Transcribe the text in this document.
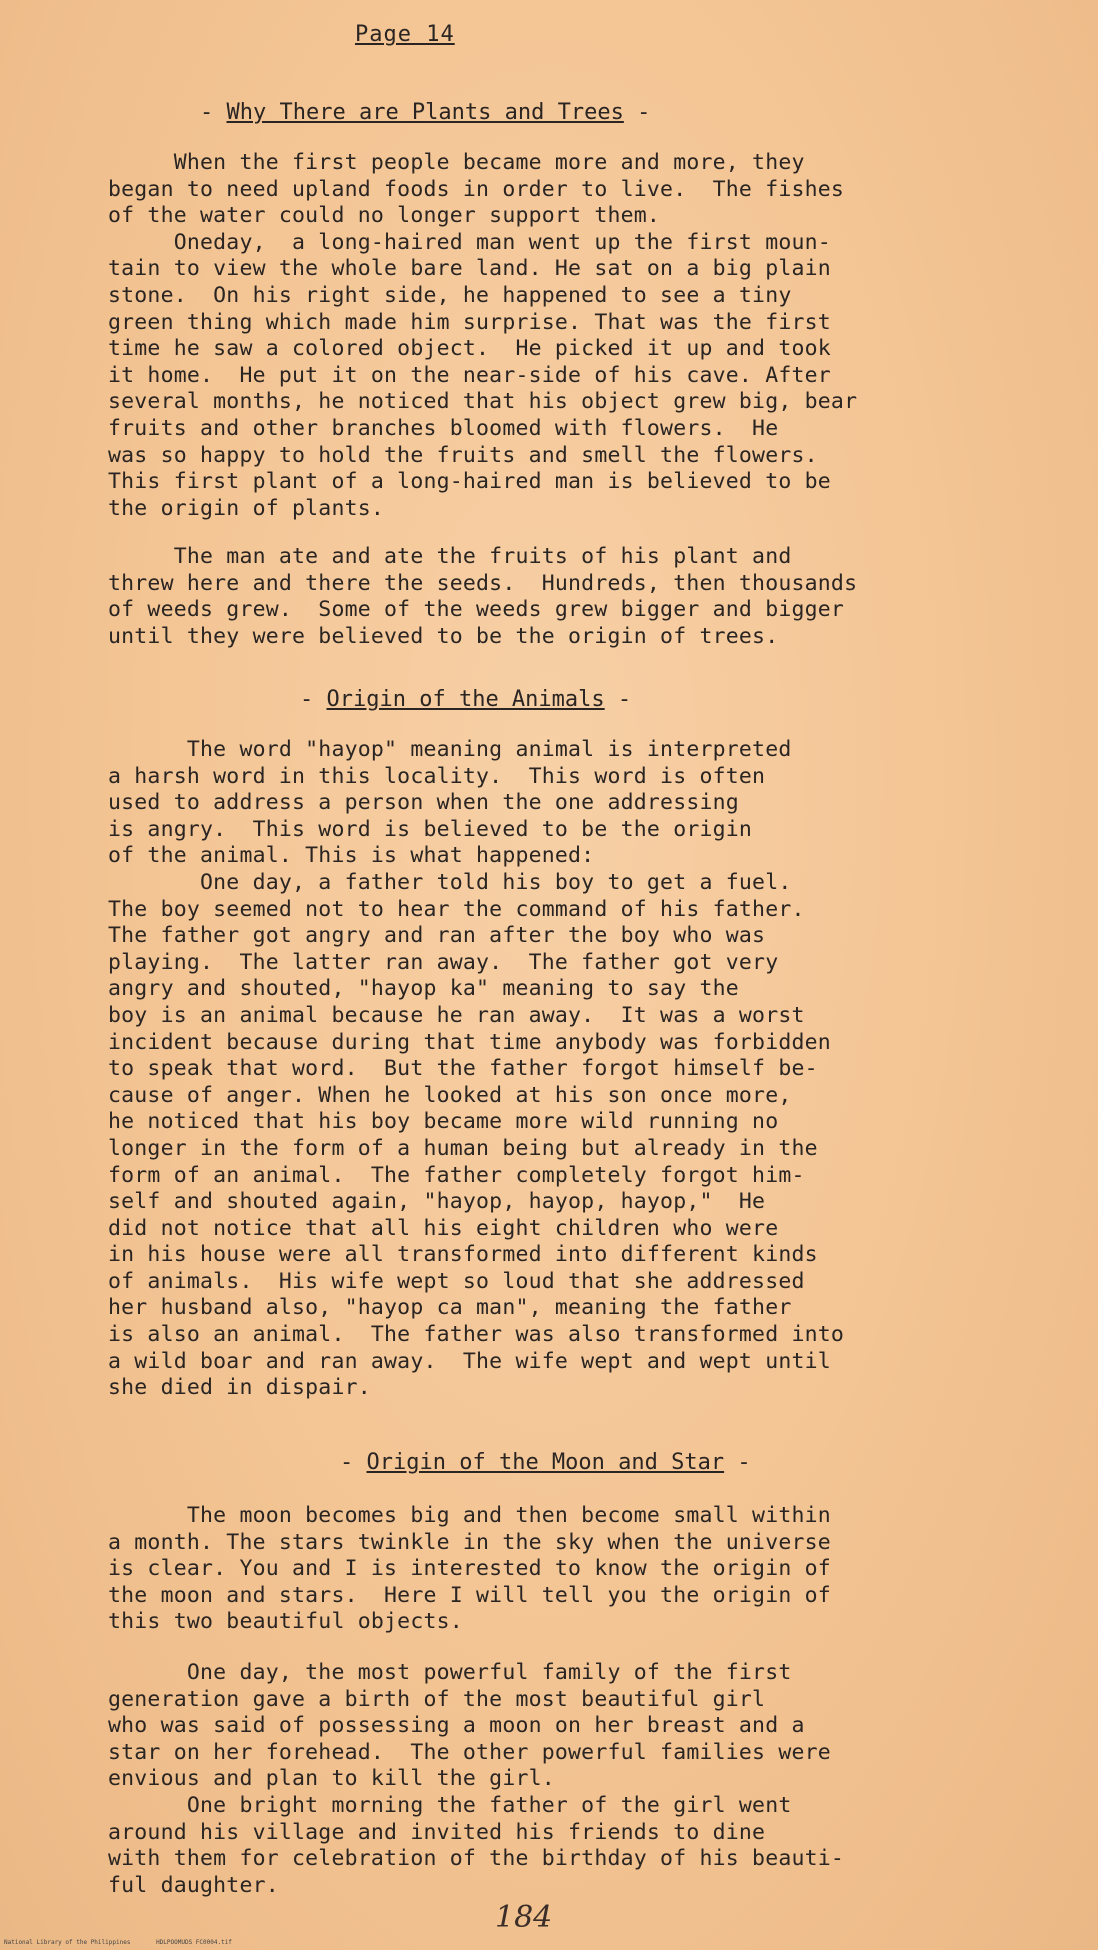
Page 14
- Why There are Plants and Trees -
When the first people became more and more, they
began to need upland foods in order to live.  The fishes
of the water could no longer support them.
Oneday,  a long-haired man went up the first moun-
tain to view the whole bare land. He sat on a big plain
stone.  On his right side, he happened to see a tiny
green thing which made him surprise. That was the first
time he saw a colored object.  He picked it up and took
it home.  He put it on the near-side of his cave. After
several months, he noticed that his object grew big, bear
fruits and other branches bloomed with flowers.  He
was so happy to hold the fruits and smell the flowers.
This first plant of a long-haired man is believed to be
the origin of plants.
The man ate and ate the fruits of his plant and
threw here and there the seeds.  Hundreds, then thousands
of weeds grew.  Some of the weeds grew bigger and bigger
until they were believed to be the origin of trees.
- Origin of the Animals -
The word "hayop" meaning animal is interpreted
a harsh word in this locality.  This word is often
used to address a person when the one addressing
is angry.  This word is believed to be the origin
of the animal. This is what happened:
One day, a father told his boy to get a fuel.
The boy seemed not to hear the command of his father.
The father got angry and ran after the boy who was
playing.  The latter ran away.  The father got very
angry and shouted, "hayop ka" meaning to say the
boy is an animal because he ran away.  It was a worst
incident because during that time anybody was forbidden
to speak that word.  But the father forgot himself be-
cause of anger. When he looked at his son once more,
he noticed that his boy became more wild running no
longer in the form of a human being but already in the
form of an animal.  The father completely forgot him-
self and shouted again, "hayop, hayop, hayop,"  He
did not notice that all his eight children who were
in his house were all transformed into different kinds
of animals.  His wife wept so loud that she addressed
her husband also, "hayop ca man", meaning the father
is also an animal.  The father was also transformed into
a wild boar and ran away.  The wife wept and wept until
she died in dispair.
- Origin of the Moon and Star -
The moon becomes big and then become small within
a month. The stars twinkle in the sky when the universe
is clear. You and I is interested to know the origin of
the moon and stars.  Here I will tell you the origin of
this two beautiful objects.
One day, the most powerful family of the first
generation gave a birth of the most beautiful girl
who was said of possessing a moon on her breast and a
star on her forehead.  The other powerful families were
envious and plan to kill the girl.
One bright morning the father of the girl went
around his village and invited his friends to dine
with them for celebration of the birthday of his beauti-
ful daughter.
184
National Library of the Philippines	HDLPOOMUDS FC0004.tif
